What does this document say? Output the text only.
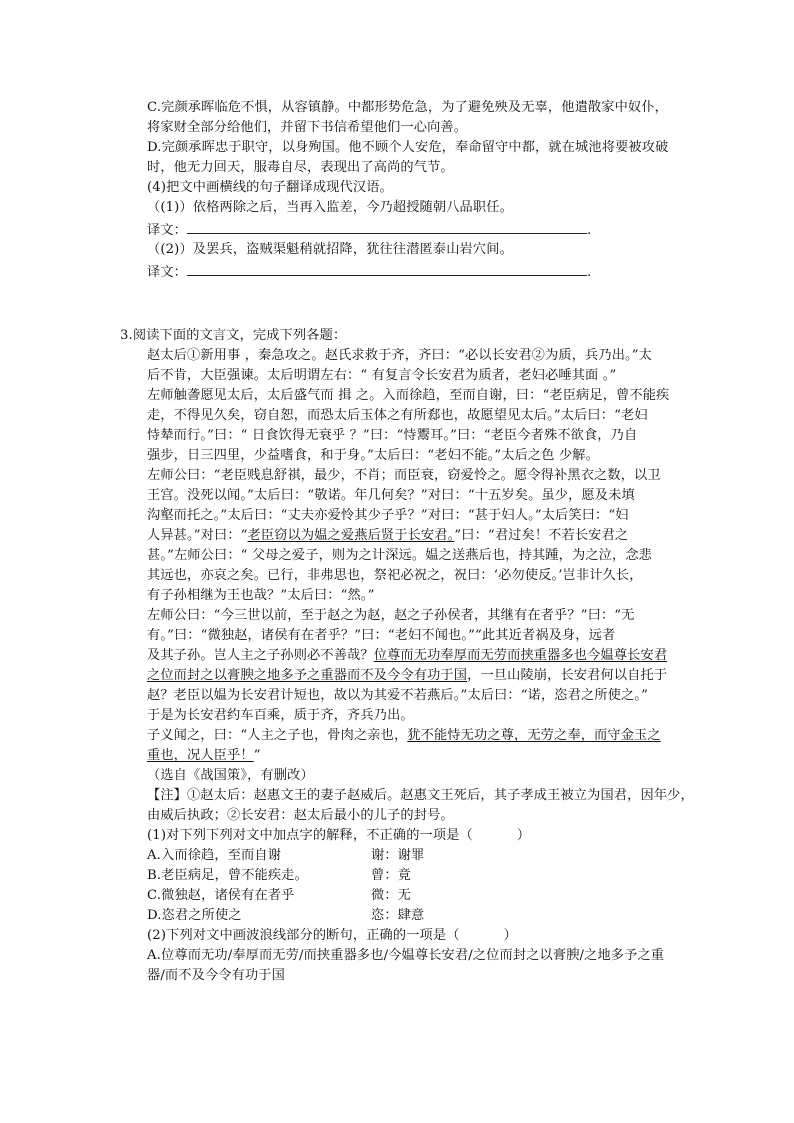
C.完颜承晖临危不惧，从容镇静。中都形势危急，为了避免殃及无辜，他遣散家中奴仆，
将家财全部分给他们，并留下书信希望他们一心向善。
D.完颜承晖忠于职守，以身殉国。他不顾个人安危，奉命留守中都，就在城池将要被攻破
时，他无力回天，服毒自尽，表现出了高尚的气节。
(4)把文中画横线的句子翻译成现代汉语。
（(1)）依格两除之后，当再入监差，今乃超授随朝八品职任。
译文：	.
（(2)）及罢兵，盗贼渠魁稍就招降，犹往往潜匿泰山岩穴间。
译文：	.
3.阅读下面的文言文，完成下列各题：
赵太后①新用事 ，秦急攻之。赵氏求救于齐，齐曰：“必以长安君②为质，兵乃出。”太
后不肯，大臣强谏。太后明谓左右：“ 有复言令长安君为质者，老妇必唾其面 。”
左师触詟愿见太后，太后盛气而 揖 之。入而徐趋，至而自谢，曰：“老臣病足，曾不能疾
走，不得见久矣，窃自恕，而恐太后玉体之有所郄也，故愿望见太后。”太后曰：“老妇
恃辇而行。”曰：“ 日食饮得无衰乎 ？”曰：“恃鬻耳。”曰：“老臣今者殊不欲食，乃自
强步，日三四里，少益嗜食，和于身。”太后曰：“老妇不能。”太后之色 少解。
左师公曰：“老臣贱息舒祺，最少，不肖；而臣衰，窃爱怜之。愿令得补黑衣之数，以卫
王宫。没死以闻。”太后曰：“敬诺。年几何矣？”对曰：“十五岁矣。虽少，愿及未填
沟壑而托之。”太后曰：“丈夫亦爱怜其少子乎？”对曰：“甚于妇人。”太后笑曰：“妇
人异甚。”对曰：“老臣窃以为媪之爱燕后贤于长安君。”曰：“君过矣！不若长安君之
甚。”左师公曰：“ 父母之爱子，则为之计深远。媪之送燕后也，持其踵，为之泣，念悲
其远也，亦哀之矣。已行，非弗思也，祭祀必祝之，祝曰：‘必勿使反。’岂非计久长，
有子孙相继为王也哉？”太后曰：“然。”
左师公曰：“今三世以前，至于赵之为赵，赵之子孙侯者，其继有在者乎？”曰：“无
有。”曰：“微独赵，诸侯有在者乎？”曰：“老妇不闻也。”“此其近者祸及身，远者
及其子孙。岂人主之子孙则必不善哉？位尊而无功奉厚而无劳而挟重器多也今媪尊长安君
之位而封之以膏腴之地多予之重器而不及今令有功于国，一旦山陵崩，长安君何以自托于
赵？老臣以媪为长安君计短也，故以为其爱不若燕后。”太后曰：“诺，恣君之所使之。”
于是为长安君约车百乘，质于齐，齐兵乃出。
子义闻之，曰：“人主之子也，骨肉之亲也，犹不能恃无功之尊，无劳之奉，而守金玉之
重也，况人臣乎！”
（选自《战国策》，有删改）
【注】①赵太后：赵惠文王的妻子赵威后。赵惠文王死后，其子孝成王被立为国君，因年少，
由威后执政；②长安君：赵太后最小的儿子的封号。
(1)对下列下列对文中加点字的解释，不正确的一项是（	）
A.入而徐趋，至而自谢	谢：谢罪
B.老臣病足，曾不能疾走。	曾：竟
C.微独赵，诸侯有在者乎	微：无
D.恣君之所使之	恣：肆意
(2)下列对文中画波浪线部分的断句，正确的一项是（	）
A.位尊而无功/奉厚而无劳/而挟重器多也/今媪尊长安君/之位而封之以膏腴/之地多予之重
器/而不及今令有功于国
